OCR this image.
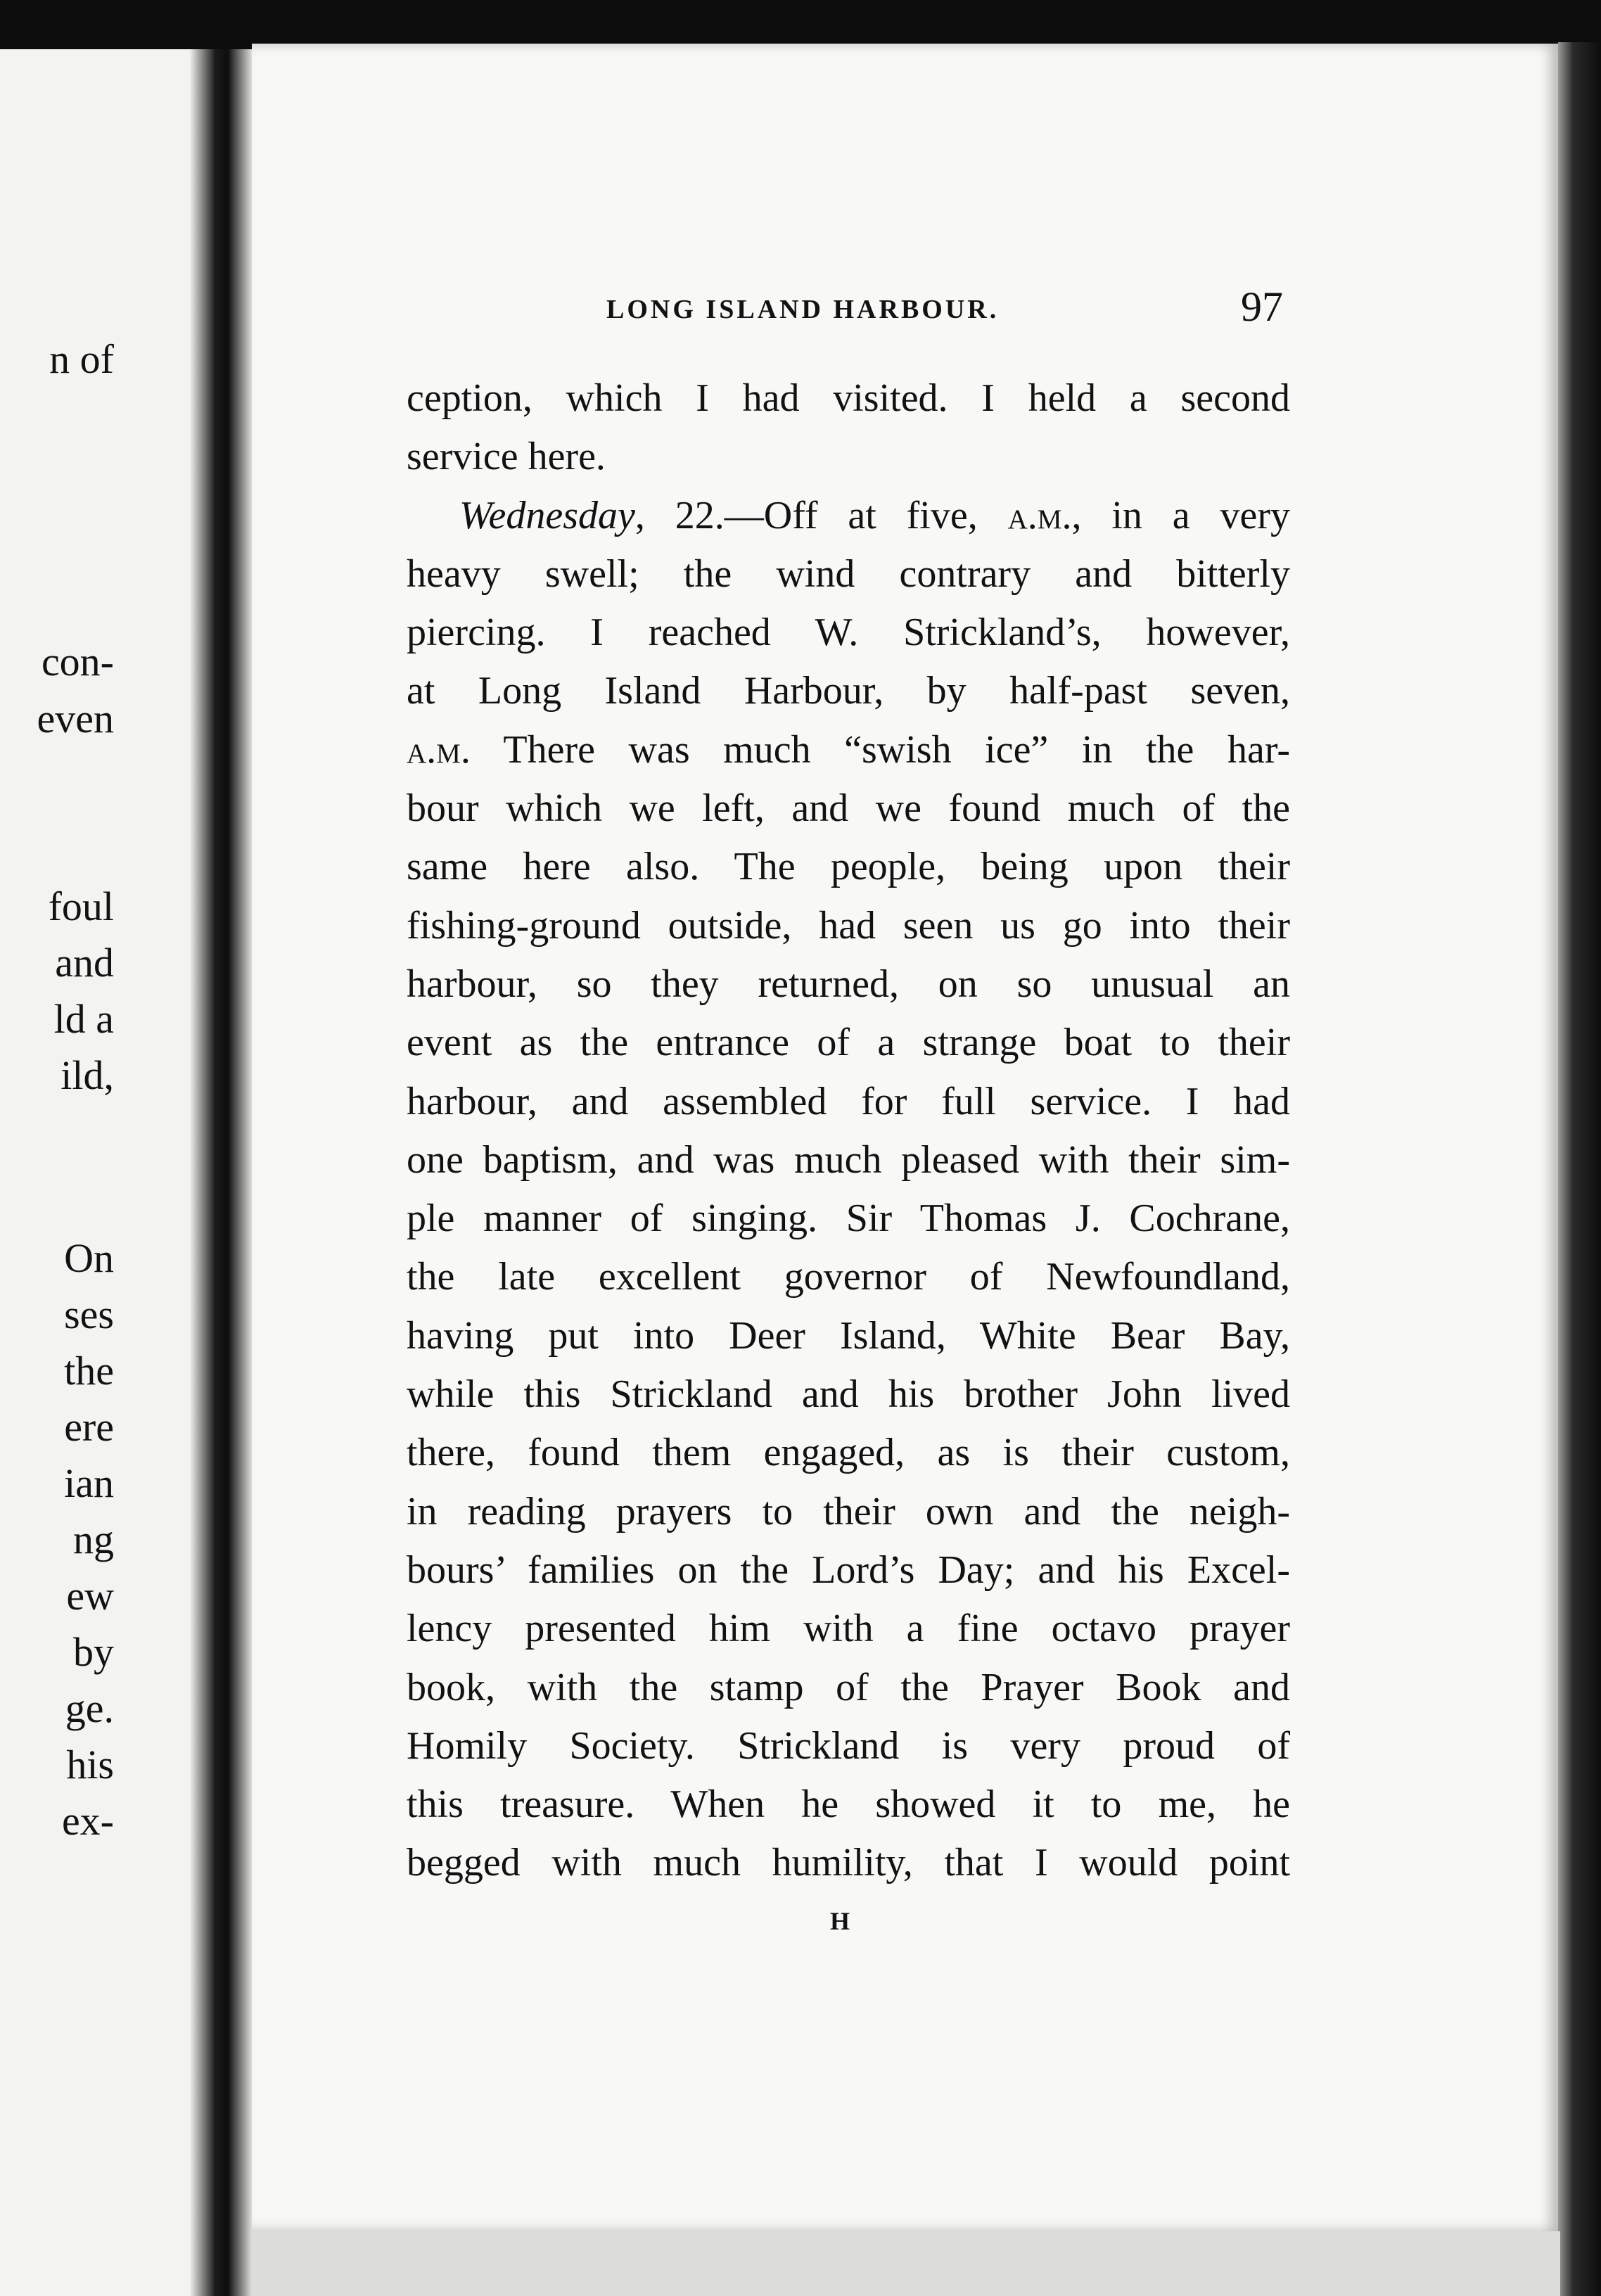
n of
con-
even
foul
and
ld a
ild,
On
ses
the
ere
ian
ng
ew
by
ge.
his
ex-
LONG ISLAND HARBOUR.	97
ception, which I had visited. I held a second
service here.
Wednesday, 22.—Off at five, a.m., in a very
heavy swell; the wind contrary and bitterly
piercing. I reached W. Strickland’s, however,
at Long Island Harbour, by half-past seven,
a.m. There was much “swish ice” in the har-
bour which we left, and we found much of the
same here also. The people, being upon their
fishing-ground outside, had seen us go into their
harbour, so they returned, on so unusual an
event as the entrance of a strange boat to their
harbour, and assembled for full service. I had
one baptism, and was much pleased with their sim-
ple manner of singing. Sir Thomas J. Cochrane,
the late excellent governor of Newfoundland,
having put into Deer Island, White Bear Bay,
while this Strickland and his brother John lived
there, found them engaged, as is their custom,
in reading prayers to their own and the neigh-
bours’ families on the Lord’s Day; and his Excel-
lency presented him with a fine octavo prayer
book, with the stamp of the Prayer Book and
Homily Society. Strickland is very proud of
this treasure. When he showed it to me, he
begged with much humility, that I would point
H
